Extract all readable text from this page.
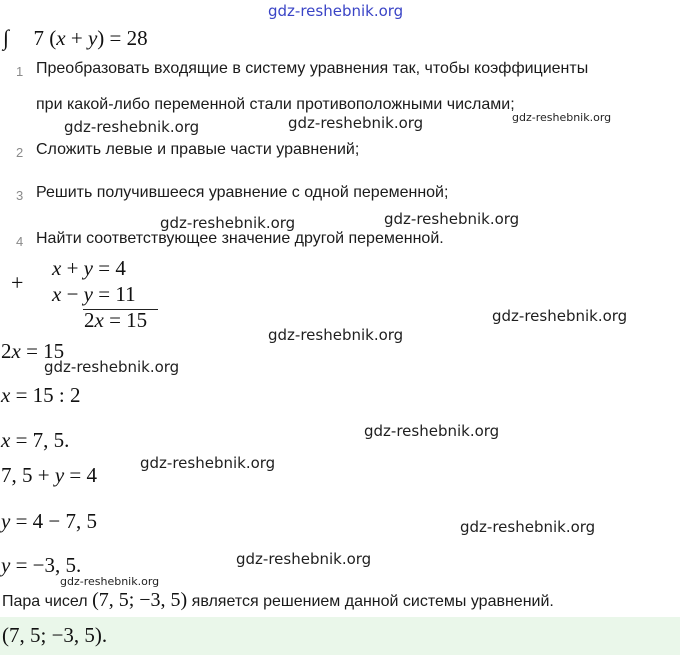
gdz-reshebnik.org
∫ 7 (x + y) = 28
1 Преобразовать входящие в систему уравнения так, чтобы коэффициенты
при какой-либо переменной стали противоположными числами;
2 Сложить левые и правые части уравнений;
3 Решить получившееся уравнение с одной переменной;
4 Найти соответствующее значение другой переменной.
+
x + y = 4
x − y = 11
2x = 15
2x = 15
x = 15 : 2
x = 7, 5.
7, 5 + y = 4
y = 4 − 7, 5
y = −3, 5.
Пара чисел (7, 5; −3, 5) является решением данной системы уравнений.
(7, 5; −3, 5).
gdz-reshebnik.org	gdz-reshebnik.org	gdz-reshebnik.org
gdz-reshebnik.org	gdz-reshebnik.org
gdz-reshebnik.org
gdz-reshebnik.org
gdz-reshebnik.org
gdz-reshebnik.org
gdz-reshebnik.org
gdz-reshebnik.org
gdz-reshebnik.org
gdz-reshebnik.org
